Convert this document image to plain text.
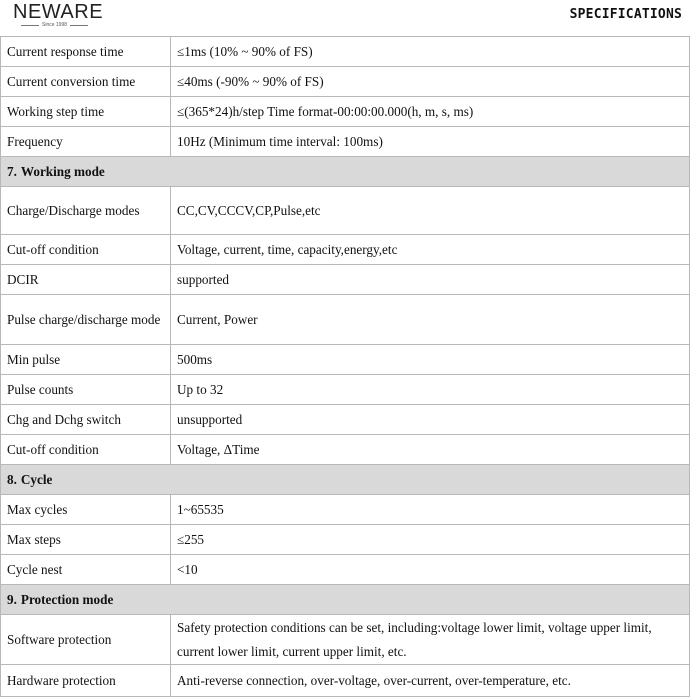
NEWARE
Since 1998
SPECIFICATIONS
Current response time	≤1ms (10% ~ 90% of FS)
Current conversion time	≤40ms (-90% ~ 90% of FS)
Working step time	≤(365*24)h/step Time format-00:00:00.000(h, m, s, ms)
Frequency	10Hz (Minimum time interval: 100ms)
7. Working mode	
Charge/Discharge modes	CC,CV,CCCV,CP,Pulse,etc
Cut-off condition	Voltage, current, time, capacity,energy,etc
DCIR	supported
Pulse charge/discharge mode	Current, Power
Min pulse	500ms
Pulse counts	Up to 32
Chg and Dchg switch	unsupported
Cut-off condition	Voltage, ΔTime
8. Cycle	
Max cycles	1~65535
Max steps	≤255
Cycle nest	<10
9. Protection mode	
Software protection	Safety protection conditions can be set, including:voltage lower limit, voltage upper limit, current lower limit, current upper limit, etc.
Hardware protection	Anti-reverse connection, over-voltage, over-current, over-temperature, etc.
